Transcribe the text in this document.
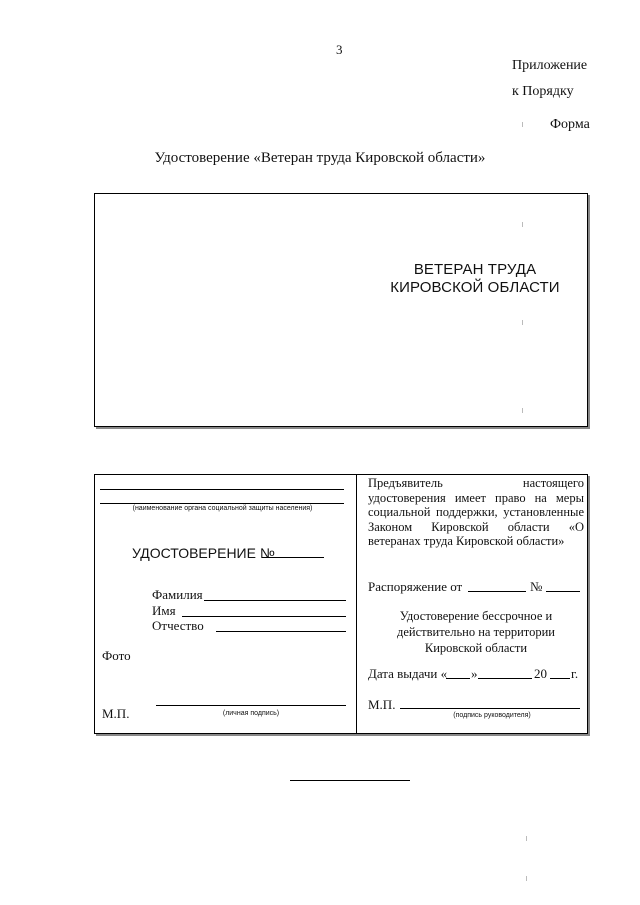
3
Приложение
к Порядку
Форма
Удостоверение «Ветеран труда Кировской области»
ВЕТЕРАН ТРУДА
КИРОВСКОЙ ОБЛАСТИ
(наименование органа социальной защиты населения)
УДОСТОВЕРЕНИЕ №
Фамилия
Имя
Отчество
Фото
М.П.	(личная подпись)
Предъявитель настоящего удостоверения имеет право на меры социальной поддержки, установленные Законом Кировской области «О ветеранах труда Кировской области»
Распоряжение от	№
Удостоверение бессрочное и действительно на территории Кировской области
Дата выдачи « »	20 г.
М.П.
(подпись руководителя)
